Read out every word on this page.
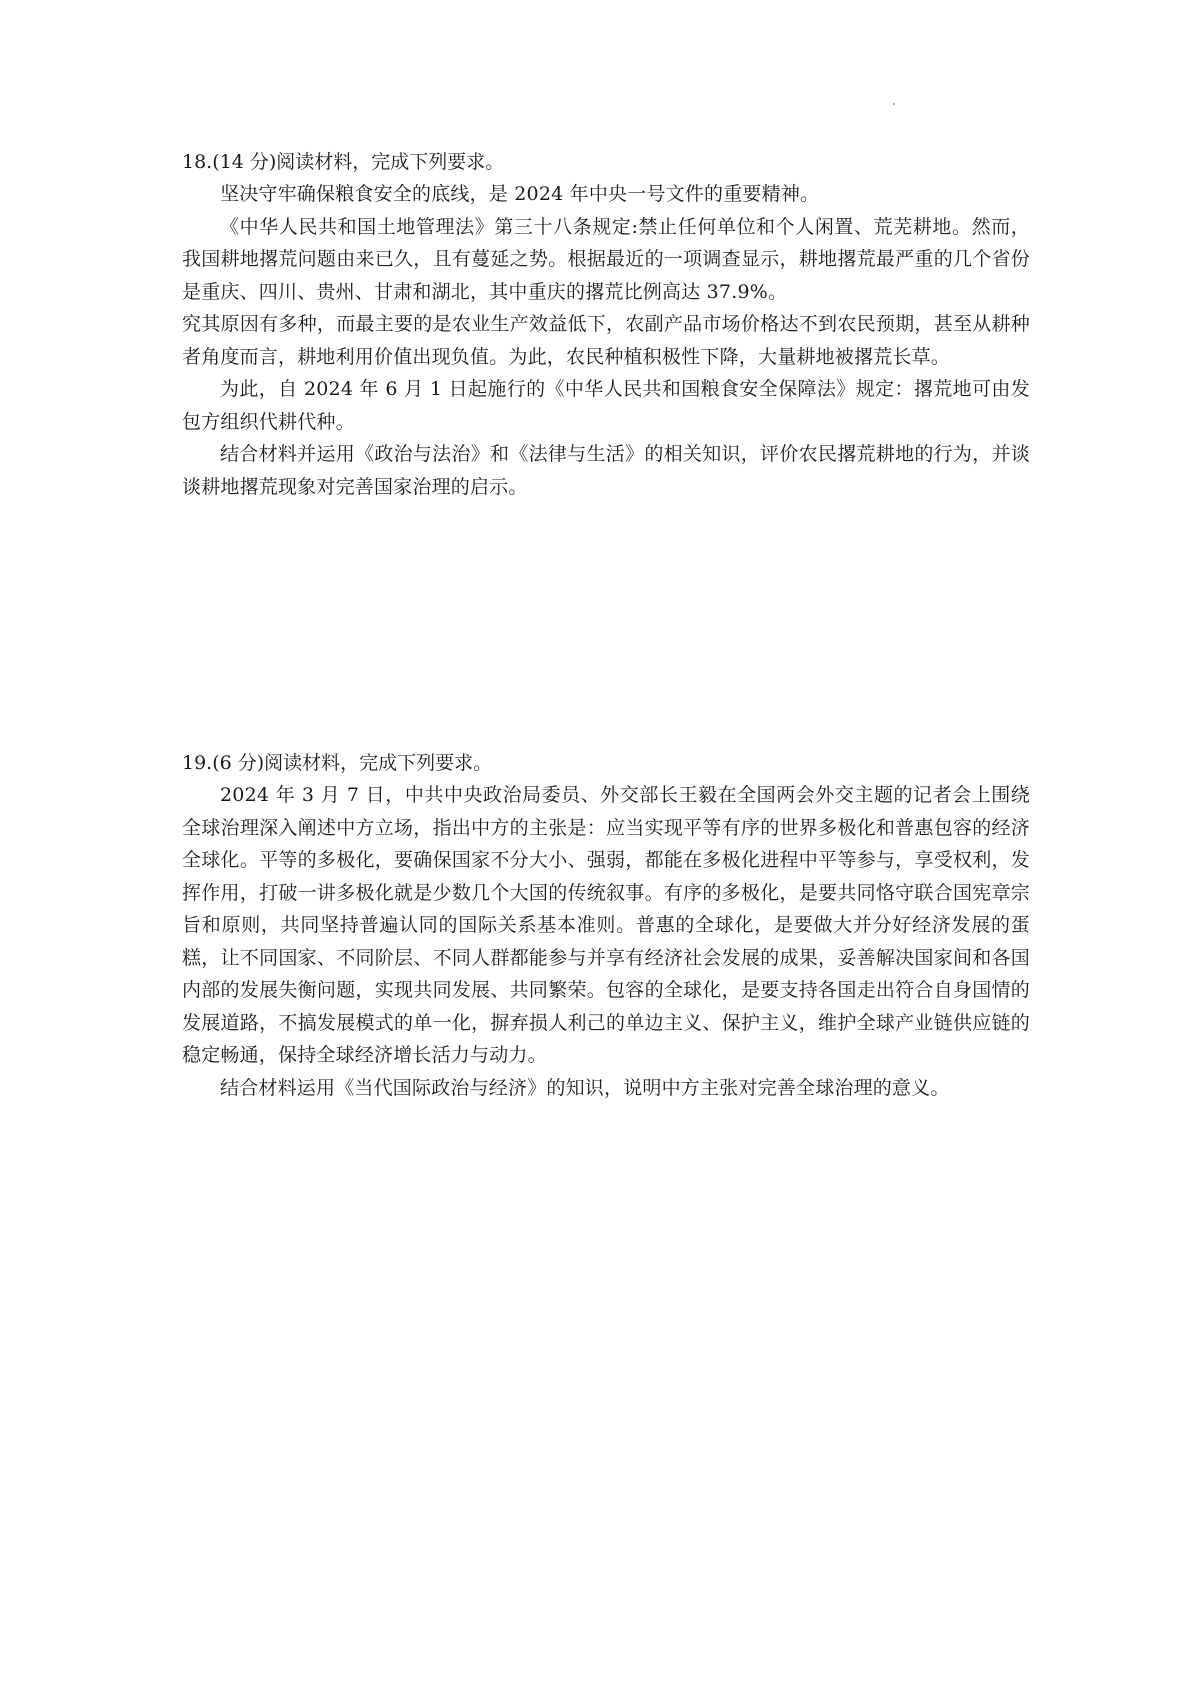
18.(14 分)阅读材料，完成下列要求。

坚决守牢确保粮食安全的底线，是 2024 年中央一号文件的重要精神。

《中华人民共和国土地管理法》第三十八条规定:禁止任何单位和个人闲置、荒芜耕地。然而，我国耕地撂荒问题由来已久，且有蔓延之势。根据最近的一项调查显示，耕地撂荒最严重的几个省份是重庆、四川、贵州、甘肃和湖北，其中重庆的撂荒比例高达 37.9%。

究其原因有多种，而最主要的是农业生产效益低下，农副产品市场价格达不到农民预期，甚至从耕种者角度而言，耕地利用价值出现负值。为此，农民种植积极性下降，大量耕地被撂荒长草。

为此，自 2024 年 6 月 1 日起施行的《中华人民共和国粮食安全保障法》规定：撂荒地可由发包方组织代耕代种。

结合材料并运用《政治与法治》和《法律与生活》的相关知识，评价农民撂荒耕地的行为，并谈谈耕地撂荒现象对完善国家治理的启示。

19.(6 分)阅读材料，完成下列要求。

2024 年 3 月 7 日，中共中央政治局委员、外交部长王毅在全国两会外交主题的记者会上围绕全球治理深入阐述中方立场，指出中方的主张是：应当实现平等有序的世界多极化和普惠包容的经济全球化。平等的多极化，要确保国家不分大小、强弱，都能在多极化进程中平等参与，享受权利，发挥作用，打破一讲多极化就是少数几个大国的传统叙事。有序的多极化，是要共同恪守联合国宪章宗旨和原则，共同坚持普遍认同的国际关系基本准则。普惠的全球化，是要做大并分好经济发展的蛋糕，让不同国家、不同阶层、不同人群都能参与并享有经济社会发展的成果，妥善解决国家间和各国内部的发展失衡问题，实现共同发展、共同繁荣。包容的全球化，是要支持各国走出符合自身国情的发展道路，不搞发展模式的单一化，摒弃损人利己的单边主义、保护主义，维护全球产业链供应链的稳定畅通，保持全球经济增长活力与动力。

结合材料运用《当代国际政治与经济》的知识，说明中方主张对完善全球治理的意义。
